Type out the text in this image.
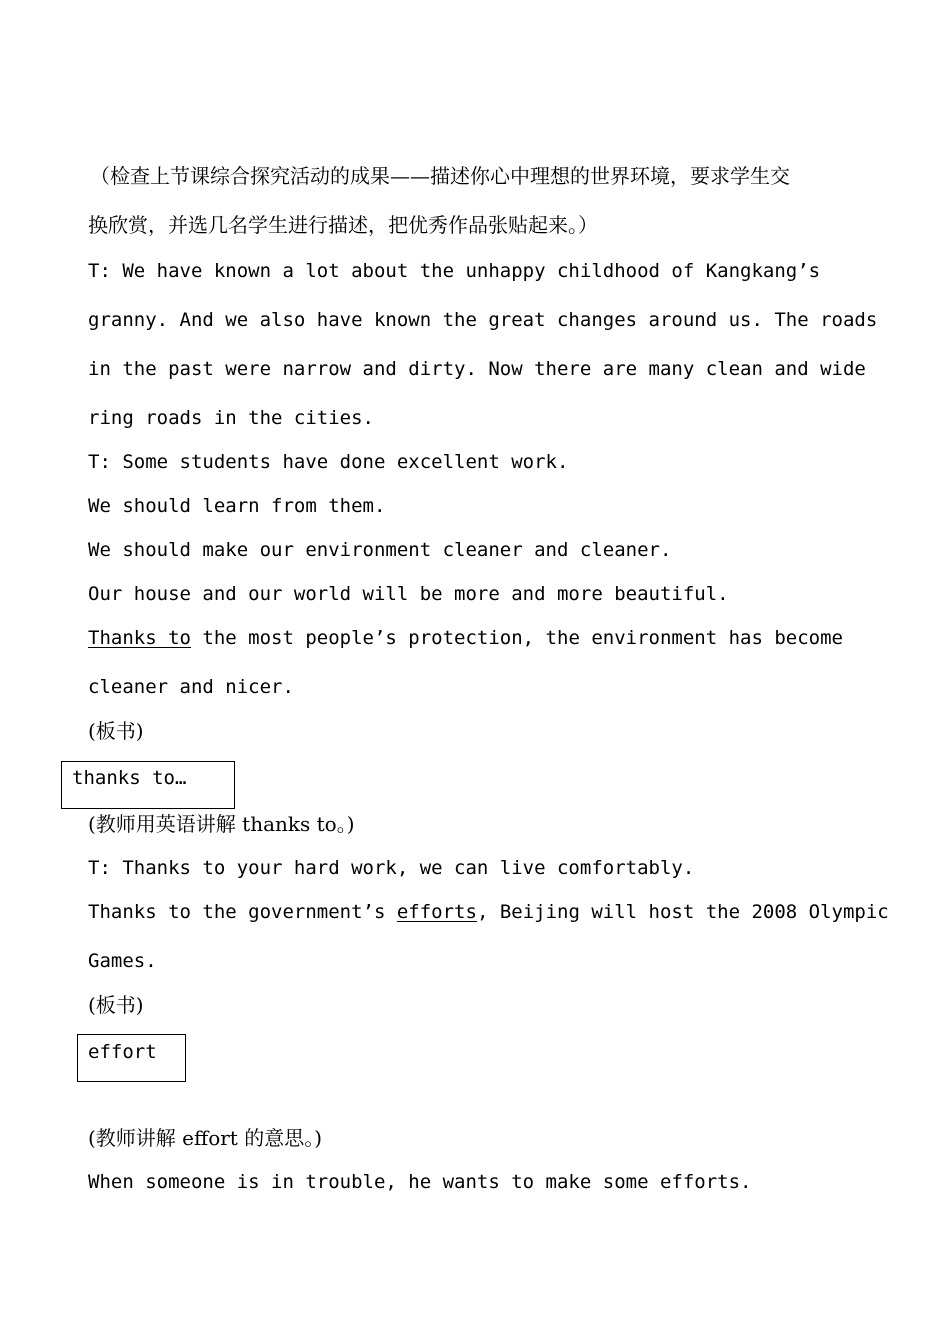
（检查上节课综合探究活动的成果——描述你心中理想的世界环境，要求学生交
换欣赏，并选几名学生进行描述，把优秀作品张贴起来。）
T: We have known a lot about the unhappy childhood of Kangkang’s
granny. And we also have known the great changes around us. The roads
in the past were narrow and dirty. Now there are many clean and wide
ring roads in the cities.
T: Some students have done excellent work.
We should learn from them.
We should make our environment cleaner and cleaner.
Our house and our world will be more and more beautiful.
Thanks to the most people’s protection, the environment has become
cleaner and nicer.
(板书)
thanks to…
(教师用英语讲解 thanks to。)
T: Thanks to your hard work, we can live comfortably.
Thanks to the government’s efforts, Beijing will host the 2008 Olympic
Games.
(板书)
effort
(教师讲解 effort 的意思。)
When someone is in trouble, he wants to make some efforts.
